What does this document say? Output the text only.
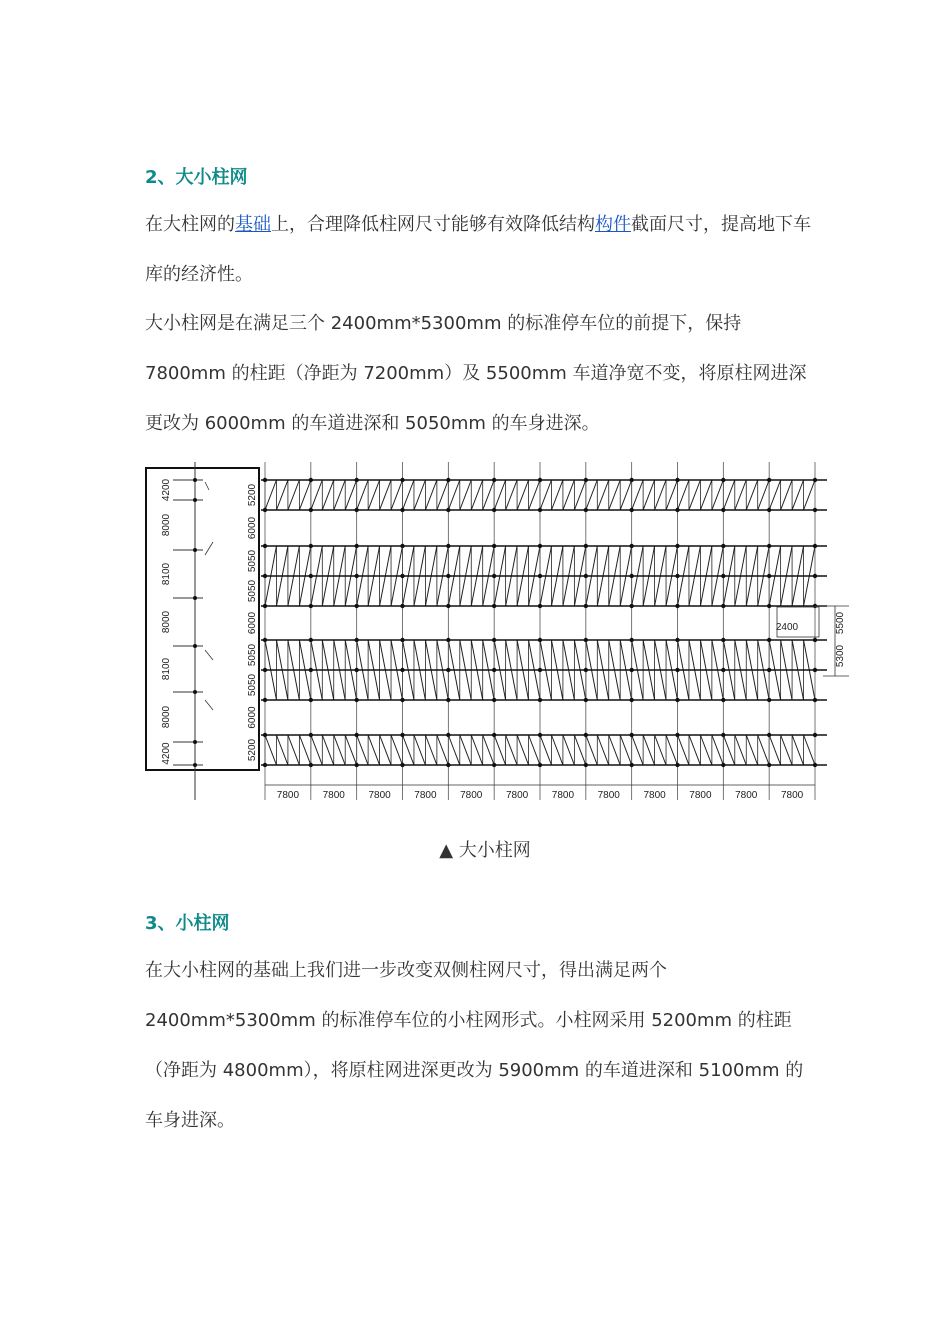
2、大小柱网
在大柱网的基础上，合理降低柱网尺寸能够有效降低结构构件截面尺寸，提高地下车库的经济性。
大小柱网是在满足三个 2400mm*5300mm 的标准停车位的前提下，保持 7800mm 的柱距（净距为 7200mm）及 5500mm 车道净宽不变，将原柱网进深更改为 6000mm 的车道进深和 5050mm 的车身进深。
▲ 大小柱网
3、小柱网
在大小柱网的基础上我们进一步改变双侧柱网尺寸，得出满足两个 2400mm*5300mm 的标准停车位的小柱网形式。小柱网采用 5200mm 的柱距（净距为 4800mm），将原柱网进深更改为 5900mm 的车道进深和 5100mm 的车身进深。
5200
6000
5050
5050
6000
5050
5050
6000
5200
7800 7800 7800 7800 7800 7800 7800 7800 7800 7800 7800 7800
4200
8000
8100
8000
8100
8000
4200
2400	5500
5300
